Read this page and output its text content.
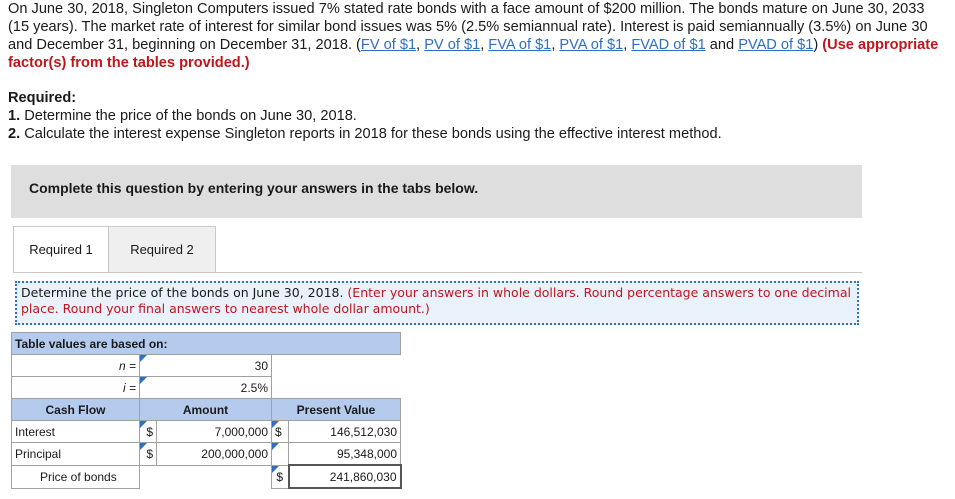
On June 30, 2018, Singleton Computers issued 7% stated rate bonds with a face amount of $200 million. The bonds mature on June 30, 2033 (15 years). The market rate of interest for similar bond issues was 5% (2.5% semiannual rate). Interest is paid semiannually (3.5%) on June 30 and December 31, beginning on December 31, 2018. (FV of $1, PV of $1, FVA of $1, PVA of $1, FVAD of $1 and PVAD of $1) (Use appropriate factor(s) from the tables provided.)
Required:
1. Determine the price of the bonds on June 30, 2018.
2. Calculate the interest expense Singleton reports in 2018 for these bonds using the effective interest method.
Complete this question by entering your answers in the tabs below.
Required 1	Required 2
Determine the price of the bonds on June 30, 2018. (Enter your answers in whole dollars. Round percentage answers to one decimal place. Round your final answers to nearest whole dollar amount.)
Table values are based on:				
n =	30			
i =	2.5%			
Cash Flow	Amount		Present Value	
Interest	$	7,000,000	$	146,512,030
Principal	$	200,000,000		95,348,000
Price of bonds			$	241,860,030
